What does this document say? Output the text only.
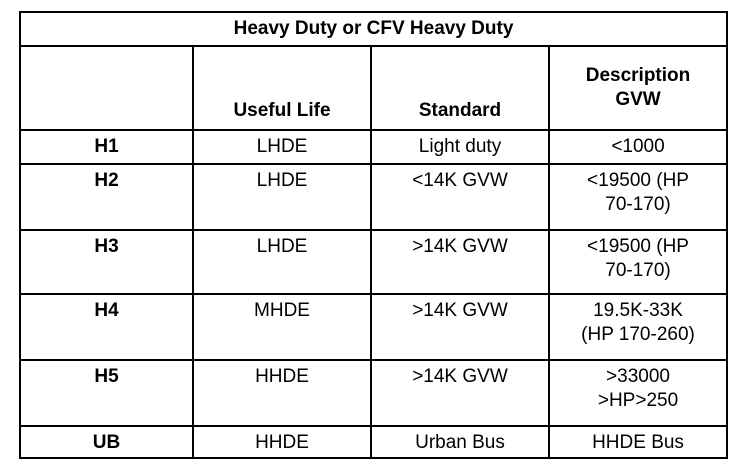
Heavy Duty or CFV Heavy Duty			
	Useful Life	Standard	Description
GVW

H1	LHDE	Light duty	<1000

H2	LHDE	<14K GVW	<19500 (HP
70-170)

H3	LHDE	>14K GVW	<19500 (HP
70-170)

H4	MHDE	>14K GVW	19.5K-33K
(HP 170-260)

H5	HHDE	>14K GVW	>33000
>HP>250

UB	HHDE	Urban Bus	HHDE Bus
